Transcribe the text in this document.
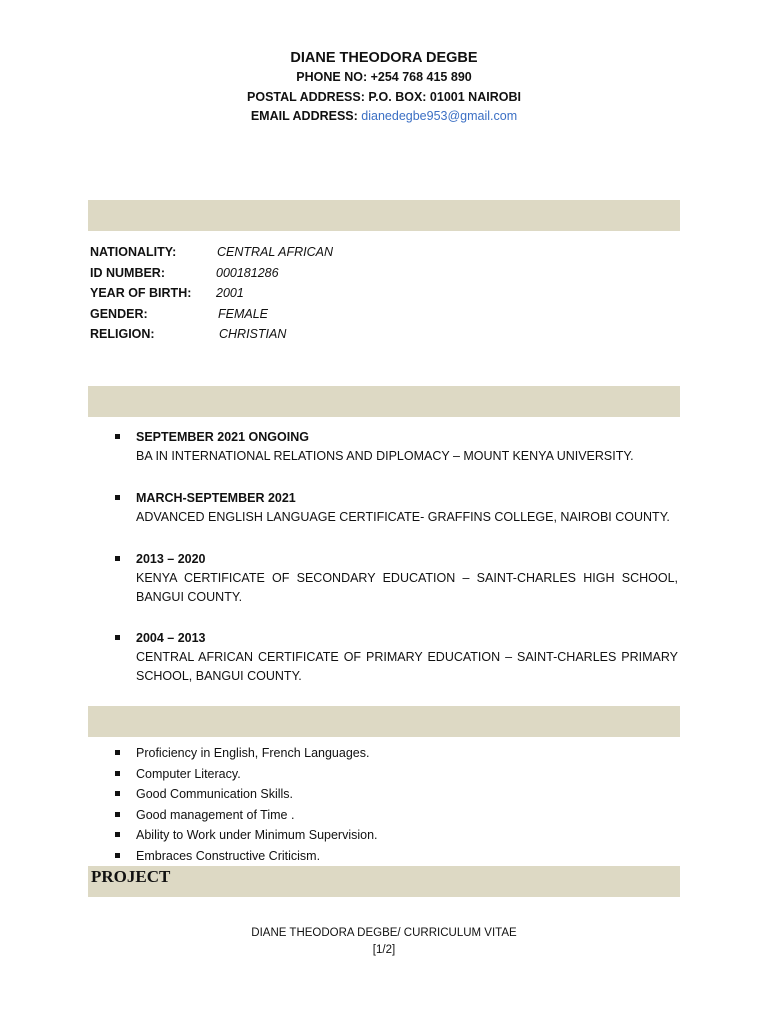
DIANE THEODORA DEGBE
PHONE NO: +254 768 415 890
POSTAL ADDRESS: P.O. BOX: 01001 NAIROBI
EMAIL ADDRESS: dianedegbe953@gmail.com
NATIONALITY:	CENTRAL AFRICAN
ID NUMBER:	000181286
YEAR OF BIRTH: 2001
GENDER:	FEMALE
RELIGION:	CHRISTIAN
SEPTEMBER 2021 ONGOING
BA IN INTERNATIONAL RELATIONS AND DIPLOMACY – MOUNT KENYA UNIVERSITY.
MARCH-SEPTEMBER 2021
ADVANCED ENGLISH LANGUAGE CERTIFICATE- GRAFFINS COLLEGE, NAIROBI COUNTY.
2013 – 2020
KENYA CERTIFICATE OF SECONDARY EDUCATION – SAINT-CHARLES HIGH SCHOOL, BANGUI COUNTY.
2004 – 2013
CENTRAL AFRICAN CERTIFICATE OF PRIMARY EDUCATION – SAINT-CHARLES PRIMARY SCHOOL, BANGUI COUNTY.
Proficiency in English, French Languages.
Computer Literacy.
Good Communication Skills.
Good management of Time .
Ability to Work under Minimum Supervision.
Embraces Constructive Criticism.
PROJECT
DIANE THEODORA DEGBE/ CURRICULUM VITAE
[1/2]
